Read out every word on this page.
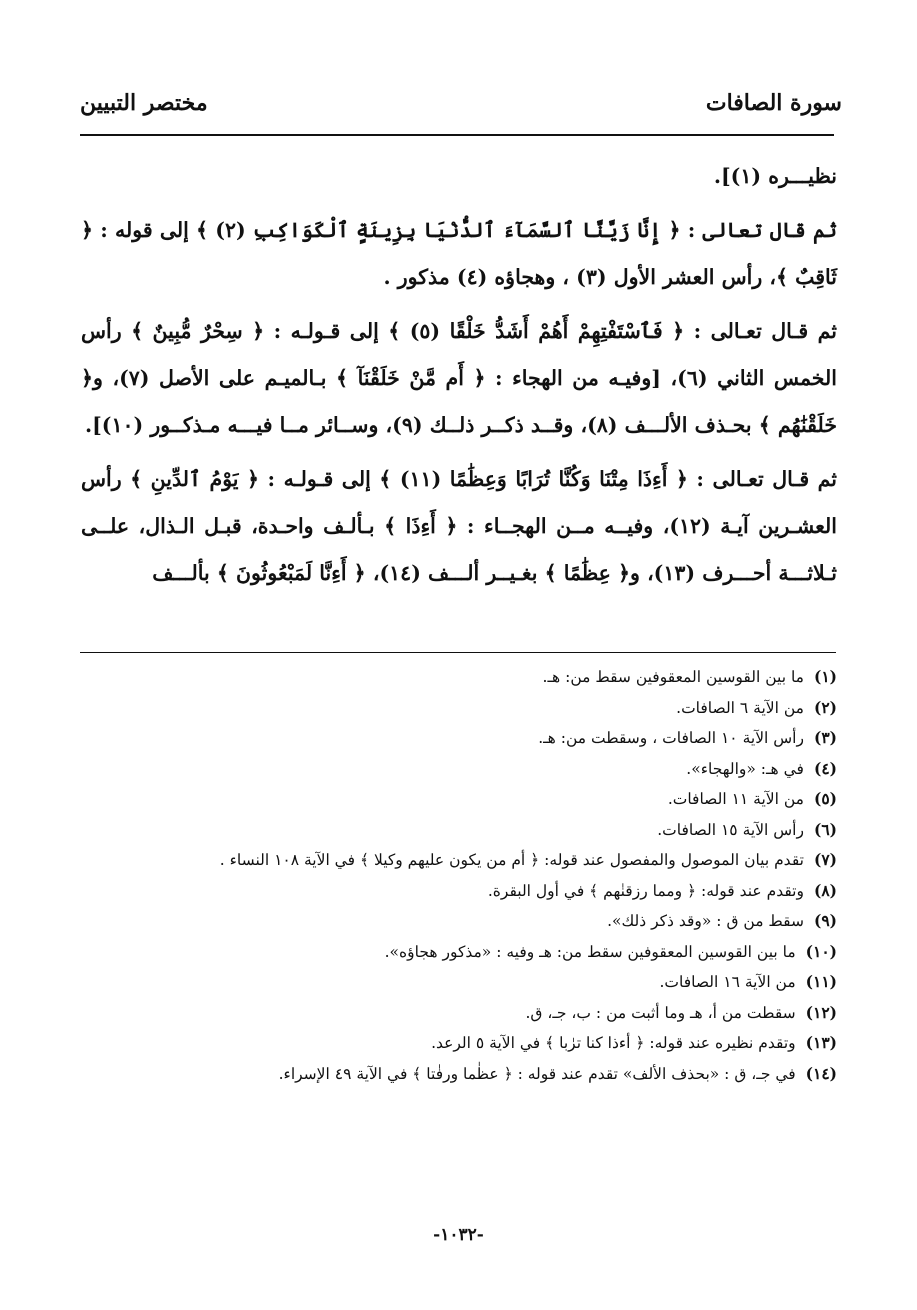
سورة الصافات
مختصر التبيين

نظيـــره (١)].

ثم قال تعالى : ﴿ إِنَّا زَيَّنَّا ٱلسَّمَآءَ ٱلدُّنْيَا بِزِينَةٍ ٱلْكَوَاكِبِ (٢) ﴾ إلى قوله : ﴿ ثَاقِبٌ ﴾، رأس العشر الأول (٣) ، وهجاؤه (٤) مذكور .

ثم قـال تعـالى : ﴿ فَٱسْتَفْتِهِمْ أَهُمْ أَشَدُّ خَلْقًا (٥) ﴾ إلى قـولـه : ﴿ سِحْرٌ مُّبِينٌ ﴾ رأس الخمس الثاني (٦)، [وفيـه من الهجاء : ﴿ أَم مَّنْ خَلَقْنَآ ﴾ بـالميـم على الأصل (٧)، و﴿ خَلَقْنَٰهُم ﴾ بحـذف الألـــف (٨)، وقــد ذكــر ذلــك (٩)، وســائر مــا فيـــه مـذكــور (١٠)].

ثم قـال تعـالى : ﴿ أَءِذَا مِتْنَا وَكُنَّا تُرَابًا وَعِظَٰمًا (١١) ﴾ إلى قـولـه : ﴿ يَوْمُ ٱلدِّينِ ﴾ رأس العشـرين آيـة (١٢)، وفيــه مــن الهجــاء : ﴿ أَءِذَا ﴾ بـألـف واحـدة، قبـل الـذال، علــى ثـلاثـــة أحـــرف (١٣)، و﴿ عِظَٰمًا ﴾ بغـيــر ألـــف (١٤)، ﴿ أَءِنَّا لَمَبْعُوثُونَ ﴾ بألـــف

(١)ما بين القوسين المعقوفين سقط من: هـ.
(٢)من الآية ٦ الصافات.
(٣)رأس الآية ١٠ الصافات ، وسقطت من: هـ.
(٤)في هـ: «والهجاء».
(٥)من الآية ١١ الصافات.
(٦)رأس الآية ١٥ الصافات.
(٧)تقدم بيان الموصول والمفصول عند قوله: ﴿ أم من يكون عليهم وكيلا ﴾ في الآية ١٠٨ النساء .
(٨)وتقدم عند قوله: ﴿ ومما رزقنٰهم ﴾ في أول البقرة.
(٩)سقط من ق : «وقد ذكر ذلك».
(١٠)ما بين القوسين المعقوفين سقط من: هـ وفيه : «مذكور هجاؤه».
(١١)من الآية ١٦ الصافات.
(١٢)سقطت من أ، هـ وما أثبت من : ب، جـ، ق.
(١٣)وتقدم نظيره عند قوله: ﴿ أءذا كنا ترٰبا ﴾ في الآية ٥ الرعد.
(١٤)في جـ، ق : «بحذف الألف» تقدم عند قوله : ﴿ عظٰما ورفٰتا ﴾ في الآية ٤٩ الإسراء.
-١٠٣٢-
